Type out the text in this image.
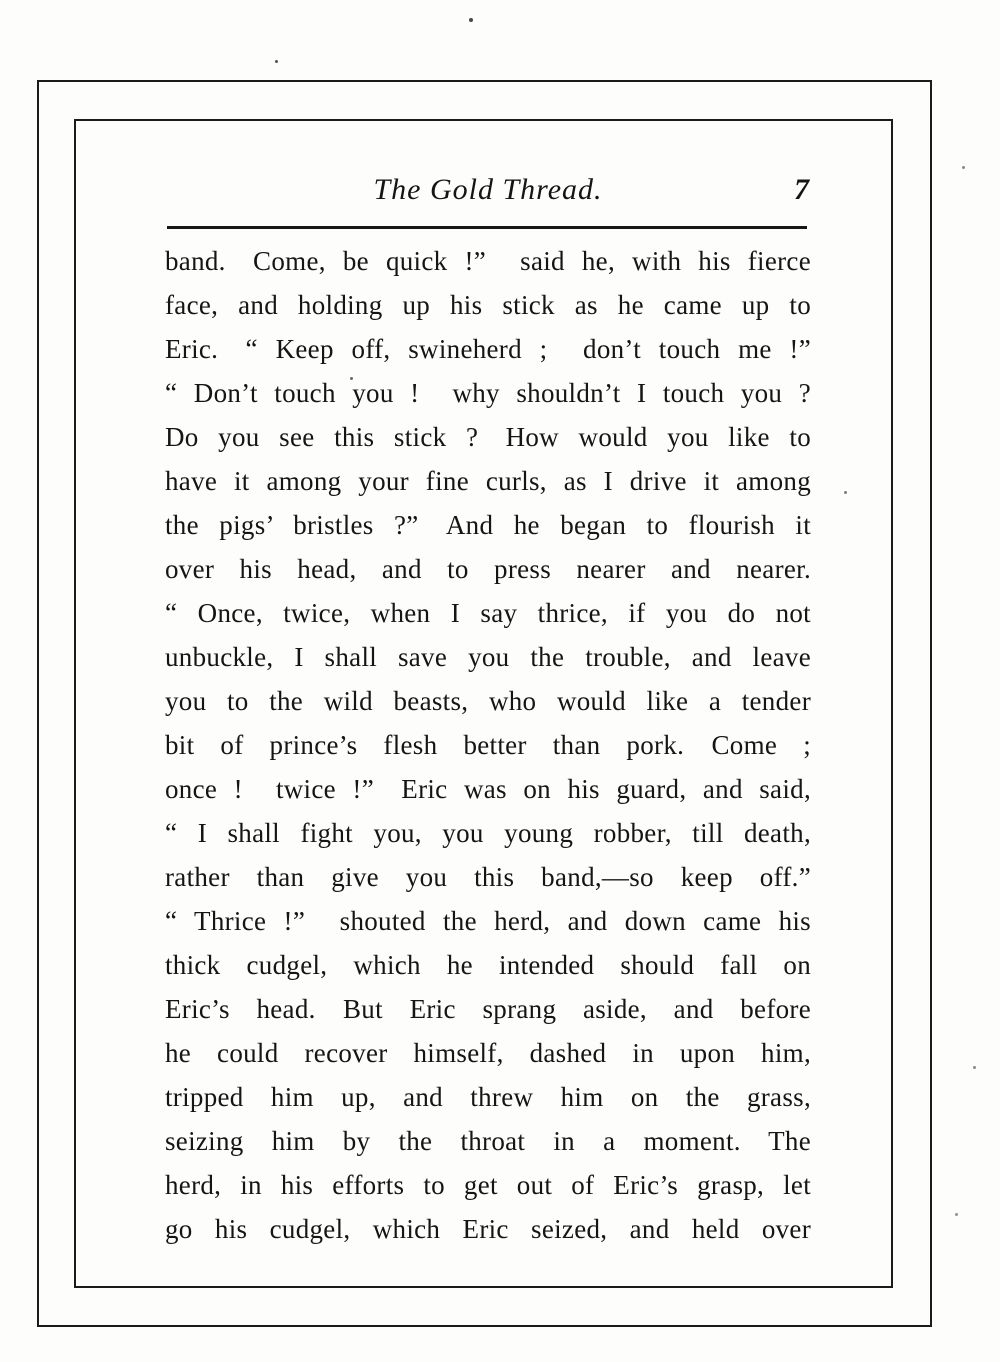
The Gold Thread.	7
band. Come, be quick !”  said he, with his fierce
face, and holding up his stick as he came up to
Eric. “ Keep off, swineherd ;  don’t touch me !”
“ Don’t touch you !  why shouldn’t I touch you ?
Do you see this stick ? How would you like to
have it among your fine curls, as I drive it among
the pigs’ bristles ?” And he began to flourish it
over his head, and to press nearer and nearer.
“ Once, twice, when I say thrice, if you do not
unbuckle, I shall save you the trouble, and leave
you to the wild beasts, who would like a tender
bit of prince’s flesh better than pork. Come ;
once !  twice !” Eric was on his guard, and said,
“ I shall fight you, you young robber, till death,
rather than give you this band,—so keep off.”
“ Thrice !”  shouted the herd, and down came his
thick cudgel, which he intended should fall on
Eric’s head. But Eric sprang aside, and before
he could recover himself, dashed in upon him,
tripped him up, and threw him on the grass,
seizing him by the throat in a moment. The
herd, in his efforts to get out of Eric’s grasp, let
go his cudgel, which Eric seized, and held over
